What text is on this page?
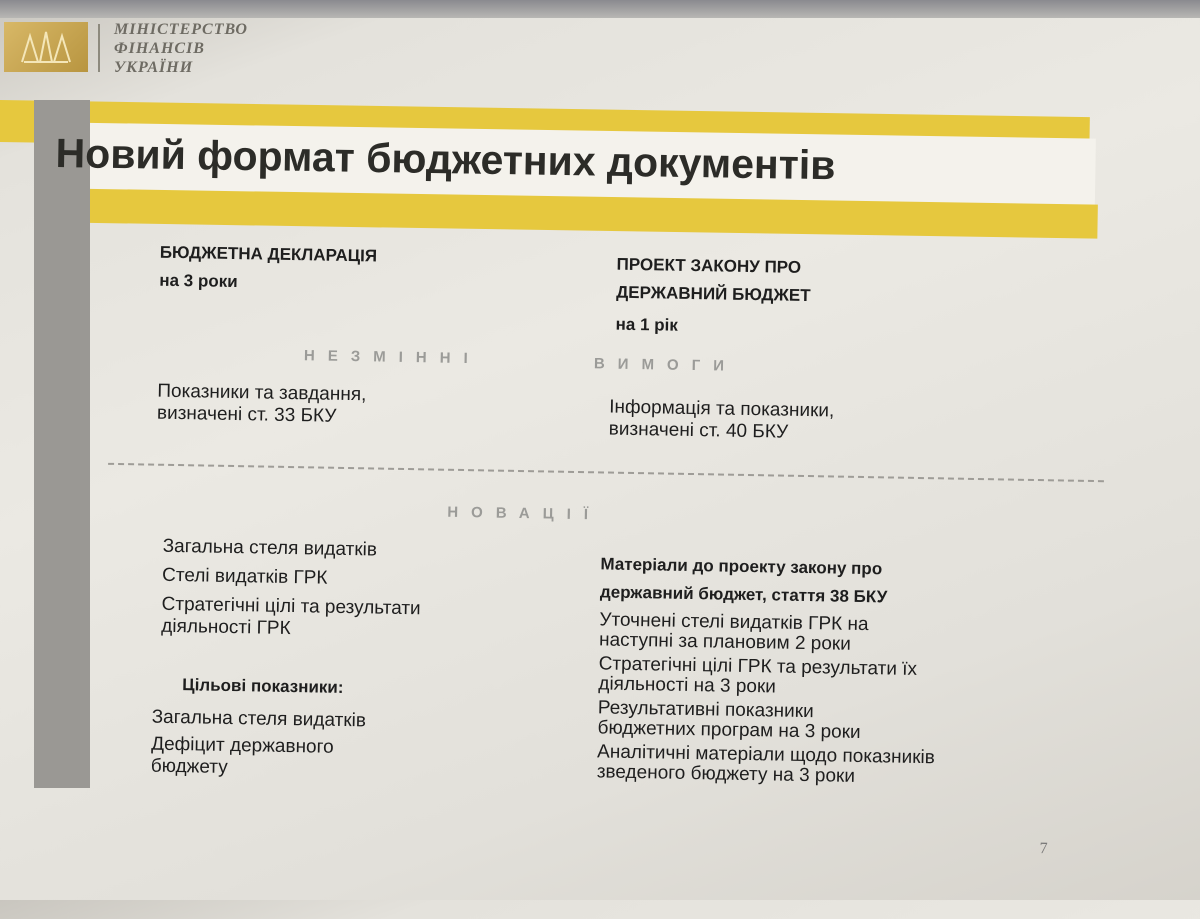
МІНІСТЕРСТВО
ФІНАНСІВ
УКРАЇНИ
Новий формат бюджетних документів
БЮДЖЕТНА ДЕКЛАРАЦІЯ
на 3 роки
ПРОЕКТ ЗАКОНУ ПРО
ДЕРЖАВНИЙ БЮДЖЕТ
на 1 рік
НЕЗМІННІ	ВИМОГИ
Показники та завдання,
визначені ст. 33 БКУ	Інформація та показники,
визначені ст. 40 БКУ
НОВАЦІЇ
Загальна стеля видатків
Стелі видатків ГРК
Стратегічні цілі та результати діяльності ГРК
Цільові показники:
Загальна стеля видатків
Дефіцит державного бюджету
Матеріали до проекту закону про
державний бюджет, стаття 38 БКУ
Уточнені стелі видатків ГРК на наступні за плановим 2 роки
Стратегічні цілі ГРК та результати їх діяльності на 3 роки
Результативні показники бюджетних програм на 3 роки
Аналітичні матеріали щодо показників зведеного бюджету на 3 роки
7
